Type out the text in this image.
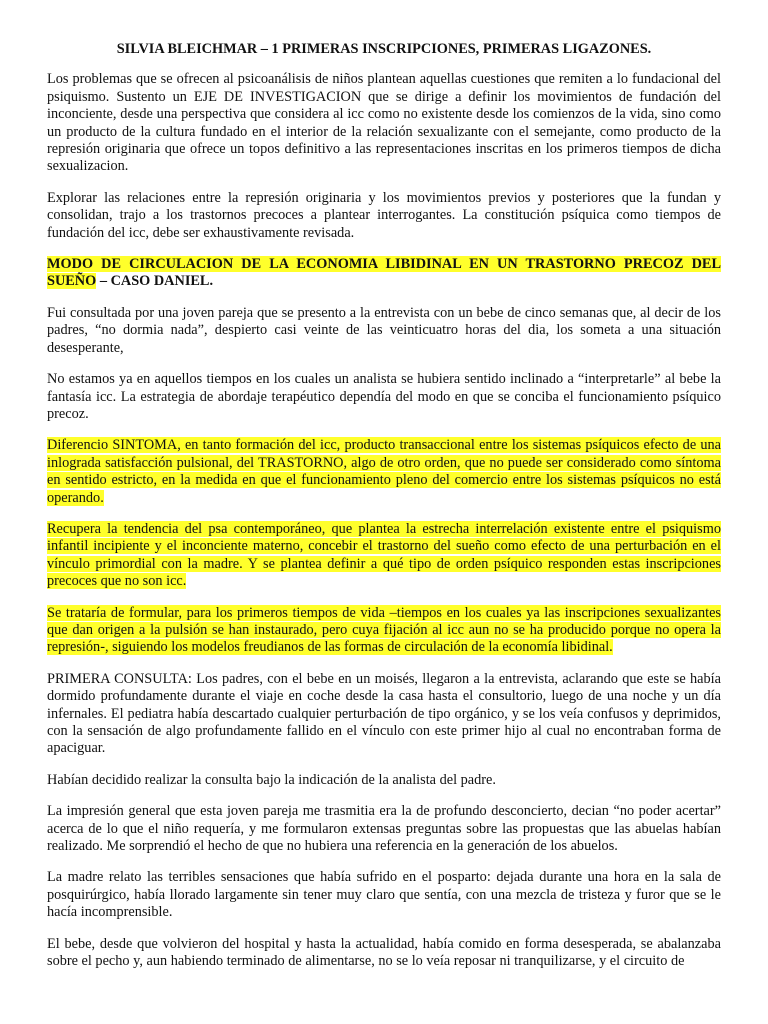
SILVIA BLEICHMAR – 1 PRIMERAS INSCRIPCIONES, PRIMERAS LIGAZONES.

Los problemas que se ofrecen al psicoanálisis de niños plantean aquellas cuestiones que remiten a lo fundacional del psiquismo. Sustento un EJE DE INVESTIGACION que se dirige a definir los movimientos de fundación del inconciente, desde una perspectiva que considera al icc como no existente desde los comienzos de la vida, sino como un producto de la cultura fundado en el interior de la relación sexualizante con el semejante, como producto de la represión originaria que ofrece un topos definitivo a las representaciones inscritas en los primeros tiempos de dicha sexualizacion.

Explorar las relaciones entre la represión originaria y los movimientos previos y posteriores que la fundan y consolidan, trajo a los trastornos precoces a plantear interrogantes. La constitución psíquica como tiempos de fundación del icc, debe ser exhaustivamente revisada.

MODO DE CIRCULACION DE LA ECONOMIA LIBIDINAL EN UN TRASTORNO PRECOZ DEL SUEÑO – CASO DANIEL.

Fui consultada por una joven pareja que se presento a la entrevista con un bebe de cinco semanas que, al decir de los padres, “no dormia nada”, despierto casi veinte de las veinticuatro horas del dia, los someta a una situación desesperante,

No estamos ya en aquellos tiempos en los cuales un analista se hubiera sentido inclinado a “interpretarle” al bebe la fantasía icc. La estrategia de abordaje terapéutico dependía del modo en que se conciba el funcionamiento psíquico precoz.

Diferencio SINTOMA, en tanto formación del icc, producto transaccional entre los sistemas psíquicos efecto de una inlograda satisfacción pulsional, del TRASTORNO, algo de otro orden, que no puede ser considerado como síntoma en sentido estricto, en la medida en que el funcionamiento pleno del comercio entre los sistemas psíquicos no está operando.

Recupera la tendencia del psa contemporáneo, que plantea la estrecha interrelación existente entre el psiquismo infantil incipiente y el inconciente materno, concebir el trastorno del sueño como efecto de una perturbación en el vínculo primordial con la madre. Y se plantea definir a qué tipo de orden psíquico responden estas inscripciones precoces que no son icc.

Se trataría de formular, para los primeros tiempos de vida –tiempos en los cuales ya las inscripciones sexualizantes que dan origen a la pulsión se han instaurado, pero cuya fijación al icc aun no se ha producido porque no opera la represión-, siguiendo los modelos freudianos de las formas de circulación de la economía libidinal.

PRIMERA CONSULTA: Los padres, con el bebe en un moisés, llegaron a la entrevista, aclarando que este se había dormido profundamente durante el viaje en coche desde la casa hasta el consultorio, luego de una noche y un día infernales. El pediatra había descartado cualquier perturbación de tipo orgánico, y se los veía confusos y deprimidos, con la sensación de algo profundamente fallido en el vínculo con este primer hijo al cual no encontraban forma de apaciguar.

Habían decidido realizar la consulta bajo la indicación de la analista del padre.

La impresión general que esta joven pareja me trasmitia era la de profundo desconcierto, decian “no poder acertar” acerca de lo que el niño requería, y me formularon extensas preguntas sobre las propuestas que las abuelas habían realizado. Me sorprendió el hecho de que no hubiera una referencia en la generación de los abuelos.

La madre relato las terribles sensaciones que había sufrido en el posparto: dejada durante una hora en la sala de posquirúrgico, había llorado largamente sin tener muy claro que sentía, con una mezcla de tristeza y furor que se le hacía incomprensible.

El bebe, desde que volvieron del hospital y hasta la actualidad, había comido en forma desesperada, se abalanzaba sobre el pecho y, aun habiendo terminado de alimentarse, no se lo veía reposar ni tranquilizarse, y el circuito de
